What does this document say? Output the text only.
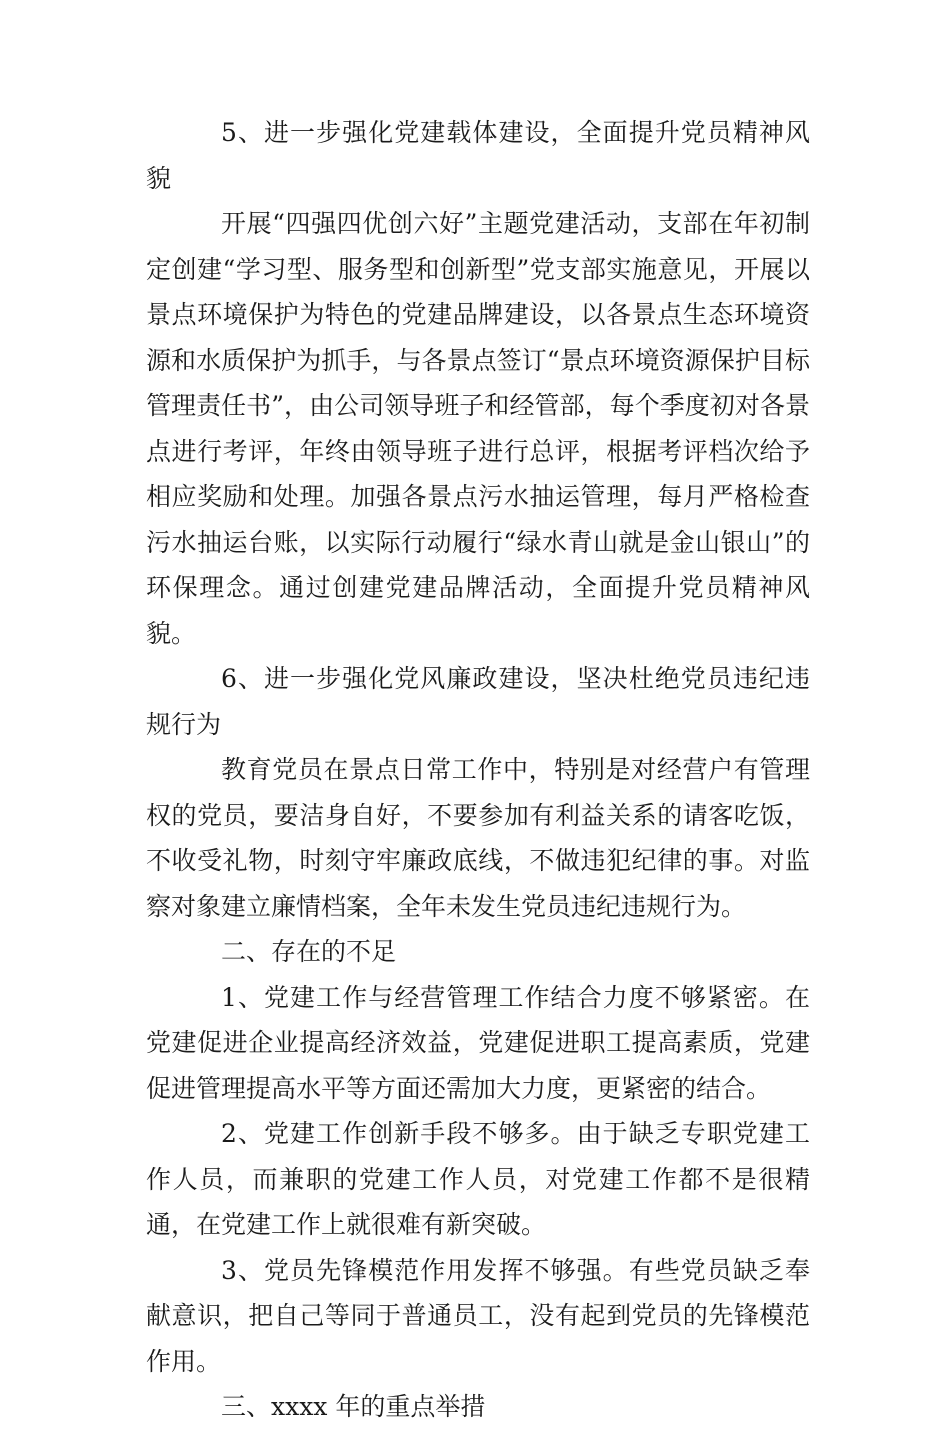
5、进一步强化党建载体建设，全面提升党员精神风貌

开展“四强四优创六好”主题党建活动，支部在年初制定创建“学习型、服务型和创新型”党支部实施意见，开展以景点环境保护为特色的党建品牌建设，以各景点生态环境资源和水质保护为抓手，与各景点签订“景点环境资源保护目标管理责任书”，由公司领导班子和经管部，每个季度初对各景点进行考评，年终由领导班子进行总评，根据考评档次给予相应奖励和处理。加强各景点污水抽运管理，每月严格检查污水抽运台账，以实际行动履行“绿水青山就是金山银山”的环保理念。通过创建党建品牌活动，全面提升党员精神风貌。

6、进一步强化党风廉政建设，坚决杜绝党员违纪违规行为

教育党员在景点日常工作中，特别是对经营户有管理权的党员，要洁身自好，不要参加有利益关系的请客吃饭，不收受礼物，时刻守牢廉政底线，不做违犯纪律的事。对监察对象建立廉情档案，全年未发生党员违纪违规行为。

二、存在的不足

1、党建工作与经营管理工作结合力度不够紧密。在党建促进企业提高经济效益，党建促进职工提高素质，党建促进管理提高水平等方面还需加大力度，更紧密的结合。

2、党建工作创新手段不够多。由于缺乏专职党建工作人员，而兼职的党建工作人员，对党建工作都不是很精通，在党建工作上就很难有新突破。

3、党员先锋模范作用发挥不够强。有些党员缺乏奉献意识，把自己等同于普通员工，没有起到党员的先锋模范作用。

三、xxxx 年的重点举措
